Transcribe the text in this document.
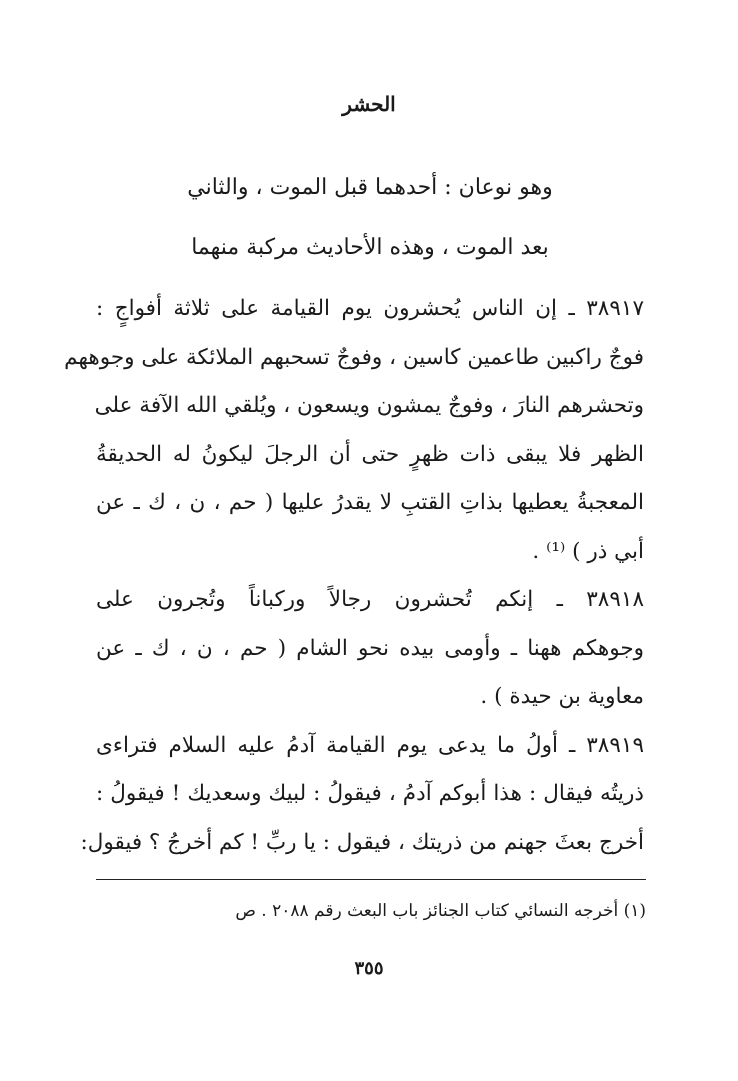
الحشر
وهو نوعان : أحدهما قبل الموت ، والثاني
بعد الموت ، وهذه الأحاديث مركبة منهما
٣٨٩١٧ ـ إن الناس يُحشرون يوم القيامة على ثلاثة أفواجٍ :
فوجٌ راكبين طاعمين كاسين ، وفوجٌ تسحبهم الملائكة على وجوههم
وتحشرهم النارَ ، وفوجٌ يمشون ويسعون ، ويُلقي الله الآفة على
الظهر فلا يبقى ذات ظهرٍ حتى أن الرجلَ ليكونُ له الحديقةُ
المعجبةُ يعطيها بذاتِ القتبِ لا يقدرُ عليها ( حم ، ن ، ك ـ عن
أبي ذر ) ⁽¹⁾ .
٣٨٩١٨ ـ إنكم تُحشرون رجالاً وركباناً وتُجرون على
وجوهكم ههنا ـ وأومى بيده نحو الشام ( حم ، ن ، ك ـ عن
معاوية بن حيدة ) .
٣٨٩١٩ ـ أولُ ما يدعى يوم القيامة آدمُ عليه السلام فتراءى
ذريتُه فيقال : هذا أبوكم آدمُ ، فيقولُ : لبيك وسعديك ! فيقولُ :
أخرج بعثَ جهنم من ذريتك ، فيقول : يا ربِّ ! كم أخرجُ ؟ فيقول:
(١) أخرجه النسائي كتاب الجنائز باب البعث رقم ٢٠٨٨ . ص
٣٥٥
